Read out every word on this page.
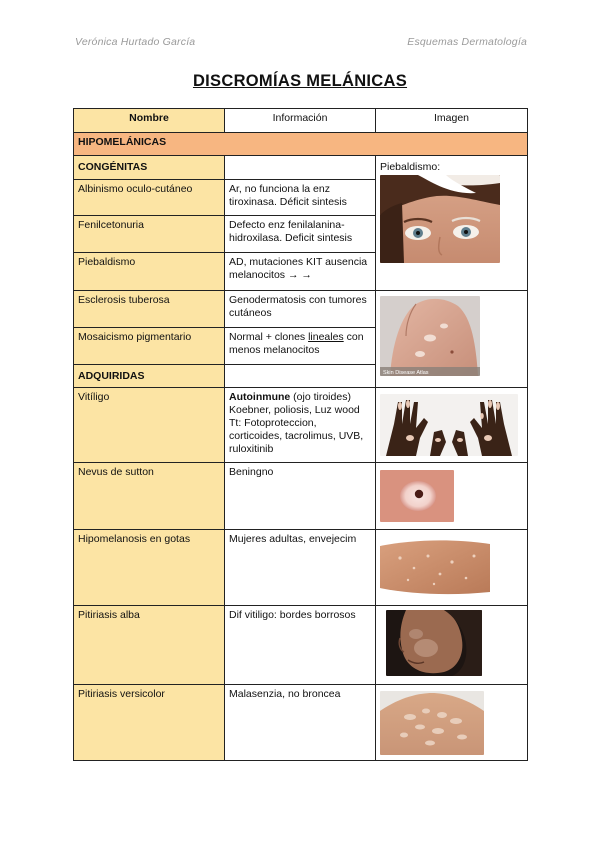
Verónica Hurtado García	Esquemas Dermatología
DISCROMÍAS MELÁNICAS
Nombre	Información	Imagen
HIPOMELÁNICAS		
CONGÉNITAS		Piebaldismo:

Albinismo oculo-cutáneo	Ar, no funciona la enz tiroxinasa. Déficit sintesis	
Fenilcetonuria	Defecto enz fenilalanina-hidroxilasa. Deficit sintesis	
Piebaldismo	AD, mutaciones KIT ausencia melanocitos → →	
Esclerosis tuberosa	Genodermatosis con tumores cutáneos	Skin Disease Atlas

Mosaicismo pigmentario	Normal + clones lineales con menos melanocitos	
ADQUIRIDAS		
Vitíligo	Autoinmune (ojo tiroides) Koebner, poliosis, Luz wood Tt: Fotoproteccion, corticoides, tacrolimus, UVB, ruloxitinib	

Nevus de sutton	Beningno	

Hipomelanosis en gotas	Mujeres adultas, envejecim	

Pitiriasis alba	Dif vitiligo: bordes borrosos	

Pitiriasis versicolor	Malasenzia, no broncea	
